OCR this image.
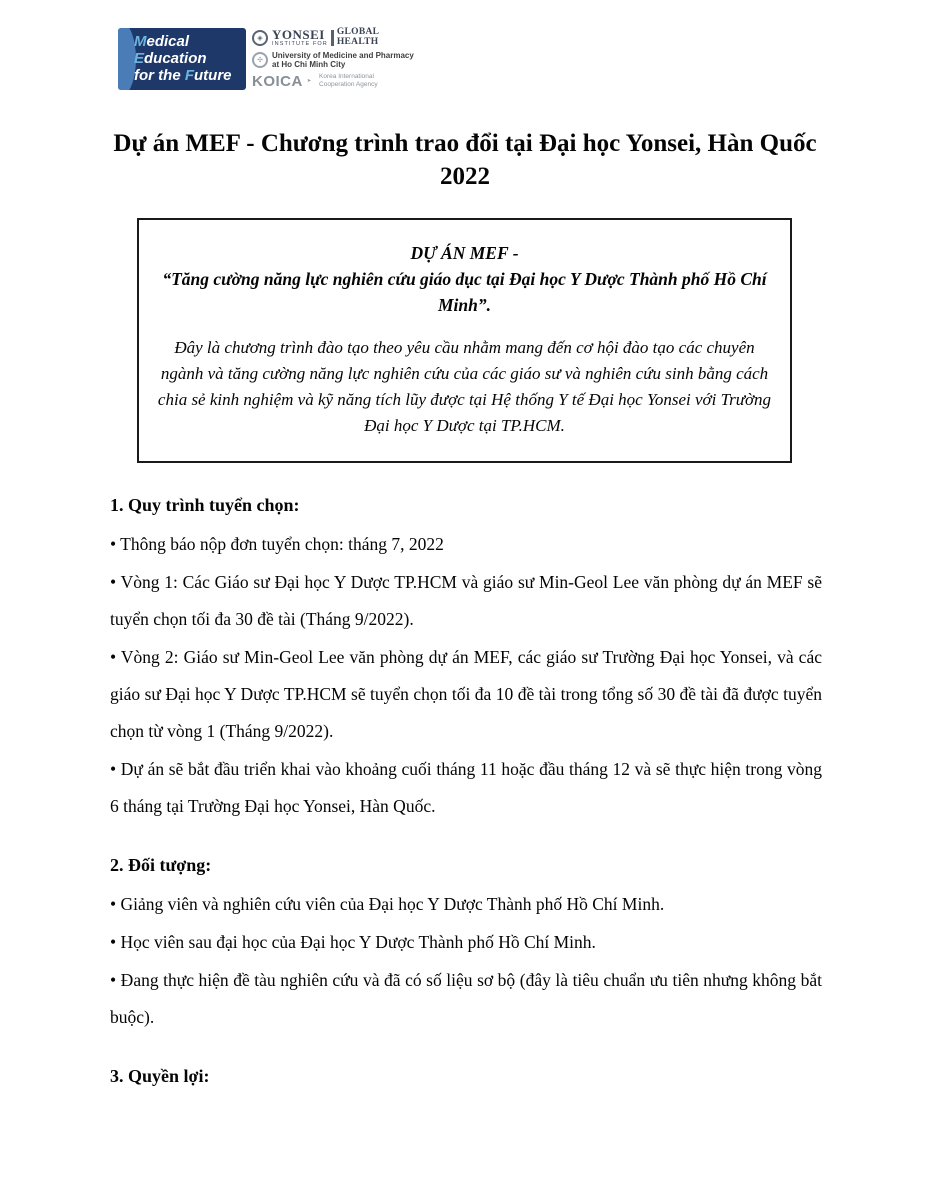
Medical
Education
for the Future
◈ YONSEI
INSTITUTE FOR
GLOBAL
HEALTH
✣
University of Medicine and Pharmacy
at Ho Chi Minh City
KOICA ➤
Korea International
Cooperation Agency
Dự án MEF - Chương trình trao đổi tại Đại học Yonsei, Hàn Quốc 2022
DỰ ÁN MEF -
“Tăng cường năng lực nghiên cứu giáo dục tại Đại học Y Dược Thành phố Hồ Chí Minh”.

Đây là chương trình đào tạo theo yêu cầu nhằm mang đến cơ hội đào tạo các chuyên ngành và tăng cường năng lực nghiên cứu của các giáo sư và nghiên cứu sinh bằng cách chia sẻ kinh nghiệm và kỹ năng tích lũy được tại Hệ thống Y tế Đại học Yonsei với Trường Đại học Y Dược tại TP.HCM.

1. Quy trình tuyển chọn:

• Thông báo nộp đơn tuyển chọn: tháng 7, 2022

• Vòng 1: Các Giáo sư Đại học Y Dược TP.HCM và giáo sư Min-Geol Lee văn phòng dự án MEF sẽ tuyển chọn tối đa 30 đề tài (Tháng 9/2022).

• Vòng 2: Giáo sư Min-Geol Lee văn phòng dự án MEF, các giáo sư Trường Đại học Yonsei, và các giáo sư Đại học Y Dược TP.HCM sẽ tuyển chọn tối đa 10 đề tài trong tổng số 30 đề tài đã được tuyển chọn từ vòng 1 (Tháng 9/2022).

• Dự án sẽ bắt đầu triển khai vào khoảng cuối tháng 11 hoặc đầu tháng 12 và sẽ thực hiện trong vòng 6 tháng tại Trường Đại học Yonsei, Hàn Quốc.

2. Đối tượng:

• Giảng viên và nghiên cứu viên của Đại học Y Dược Thành phố Hồ Chí Minh.

• Học viên sau đại học của Đại học Y Dược Thành phố Hồ Chí Minh.

• Đang thực hiện đề tàu nghiên cứu và đã có số liệu sơ bộ (đây là tiêu chuẩn ưu tiên nhưng không bắt buộc).

3. Quyền lợi:
